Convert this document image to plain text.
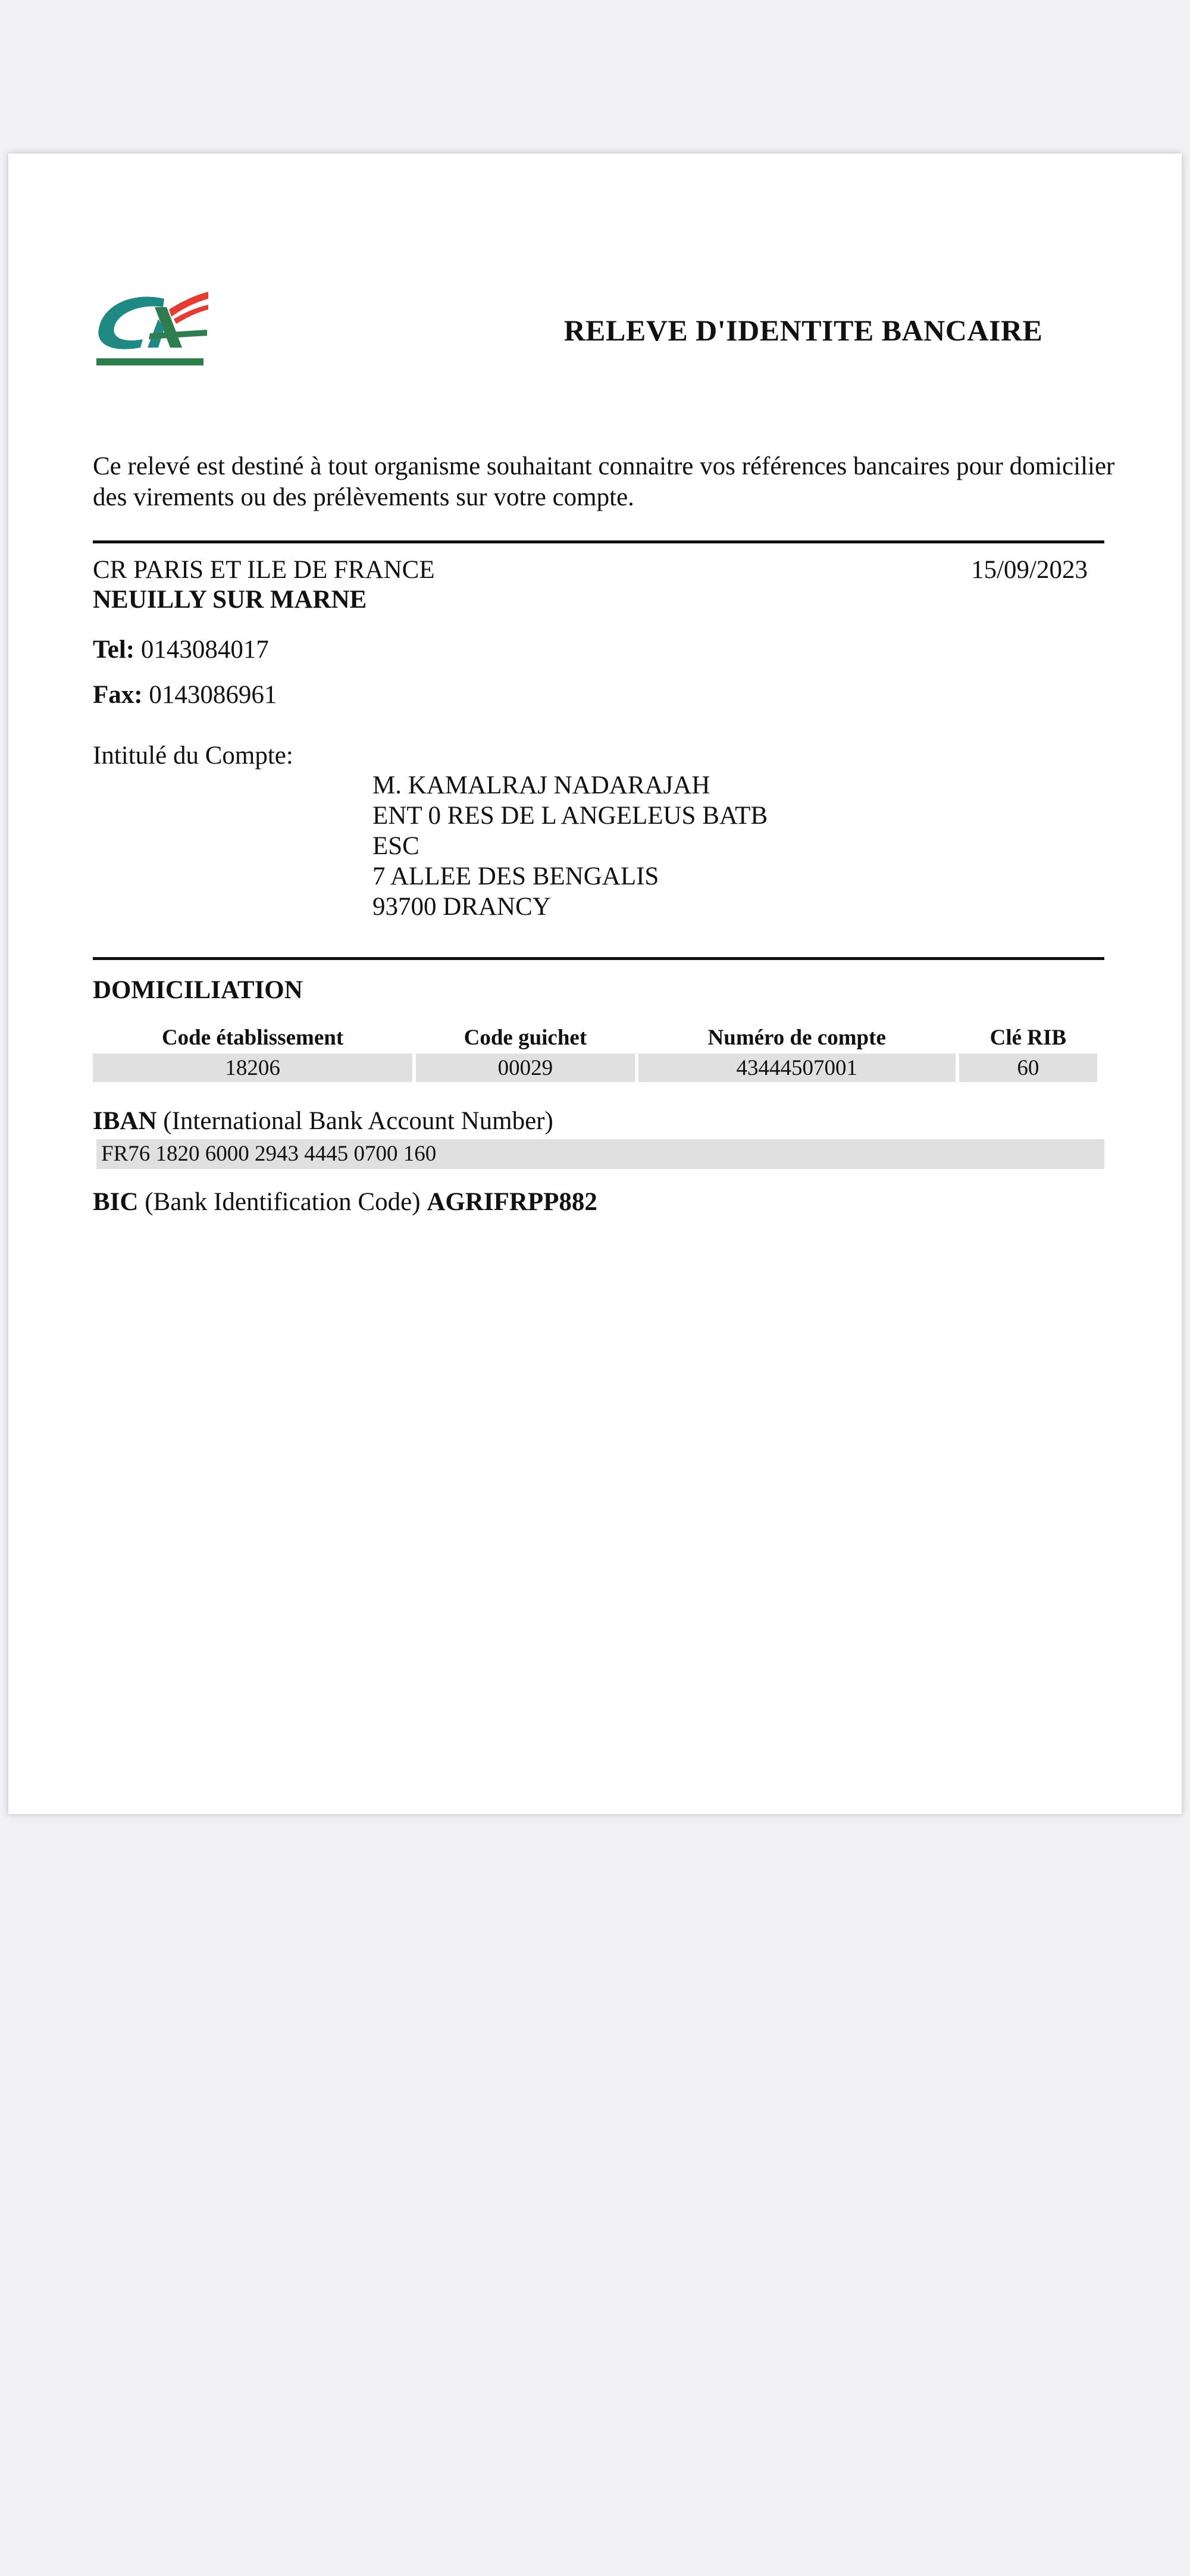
RELEVE D'IDENTITE BANCAIRE
Ce relevé est destiné à tout organisme souhaitant connaitre vos références bancaires pour domicilier des virements ou des prélèvements sur votre compte.
CR PARIS ET ILE DE FRANCE	15/09/2023
NEUILLY SUR MARNE
Tel: 0143084017
Fax: 0143086961
Intitulé du Compte:
M. KAMALRAJ NADARAJAH
ENT 0 RES DE L ANGELEUS BATB
ESC
7 ALLEE DES BENGALIS
93700 DRANCY
DOMICILIATION
Code établissement	Code guichet	Numéro de compte	Clé RIB
18206	00029	43444507001	60
IBAN (International Bank Account Number)
FR76 1820 6000 2943 4445 0700 160
BIC (Bank Identification Code) AGRIFRPP882
